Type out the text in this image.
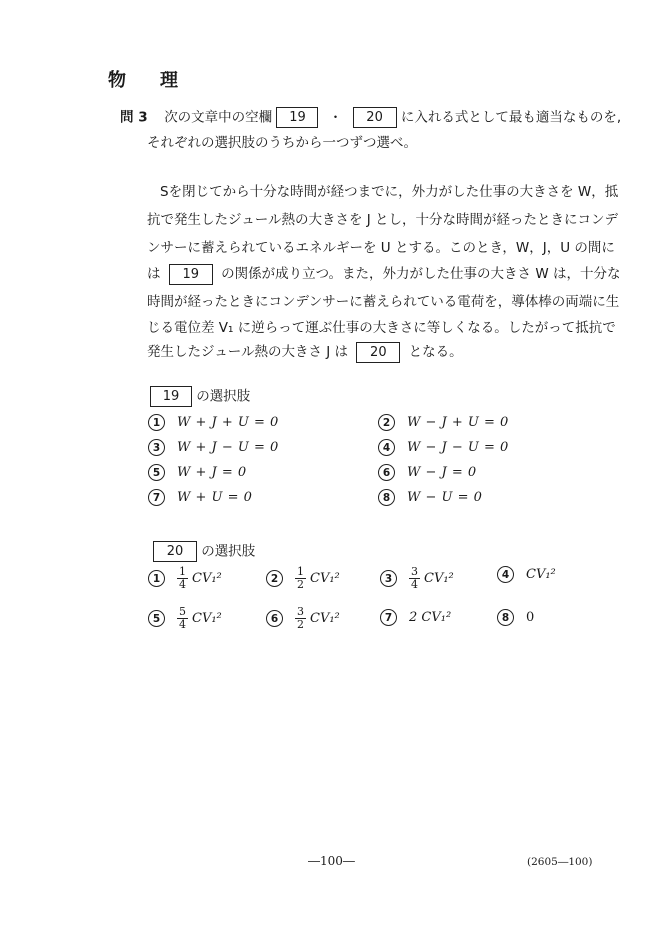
物　理
問 3 次の文章中の空欄 19 ・ 20 に入れる式として最も適当なものを,
それぞれの選択肢のうちから一つずつ選べ。
Sを閉じてから十分な時間が経つまでに，外力がした仕事の大きさを W，抵
抗で発生したジュール熱の大きさを J とし，十分な時間が経ったときにコンデ
ンサーに蓄えられているエネルギーを U とする。このとき，W，J，U の間に
は 19 の関係が成り立つ。また，外力がした仕事の大きさ W は，十分な
時間が経ったときにコンデンサーに蓄えられている電荷を，導体棒の両端に生
じる電位差 V₁ に逆らって運ぶ仕事の大きさに等しくなる。したがって抵抗で
発生したジュール熱の大きさ J は 20 となる。
19 の選択肢
1	W + J + U = 0	2	W − J + U = 0
3	W + J − U = 0	4	W − J − U = 0
5	W + J = 0	6	W − J = 0
7	W + U = 0	8	W − U = 0
20 の選択肢
1	$\frac{1}{4} CV_1^2$	2	$\frac{1}{2} CV_1^2$	3	$\frac{3}{4} CV_1^2$	4	CV₁²
5	$\frac{5}{4} CV_1^2$	6	$\frac{3}{2} CV_1^2$	7	2 CV₁²	8	0
―100―	(2605―100)
